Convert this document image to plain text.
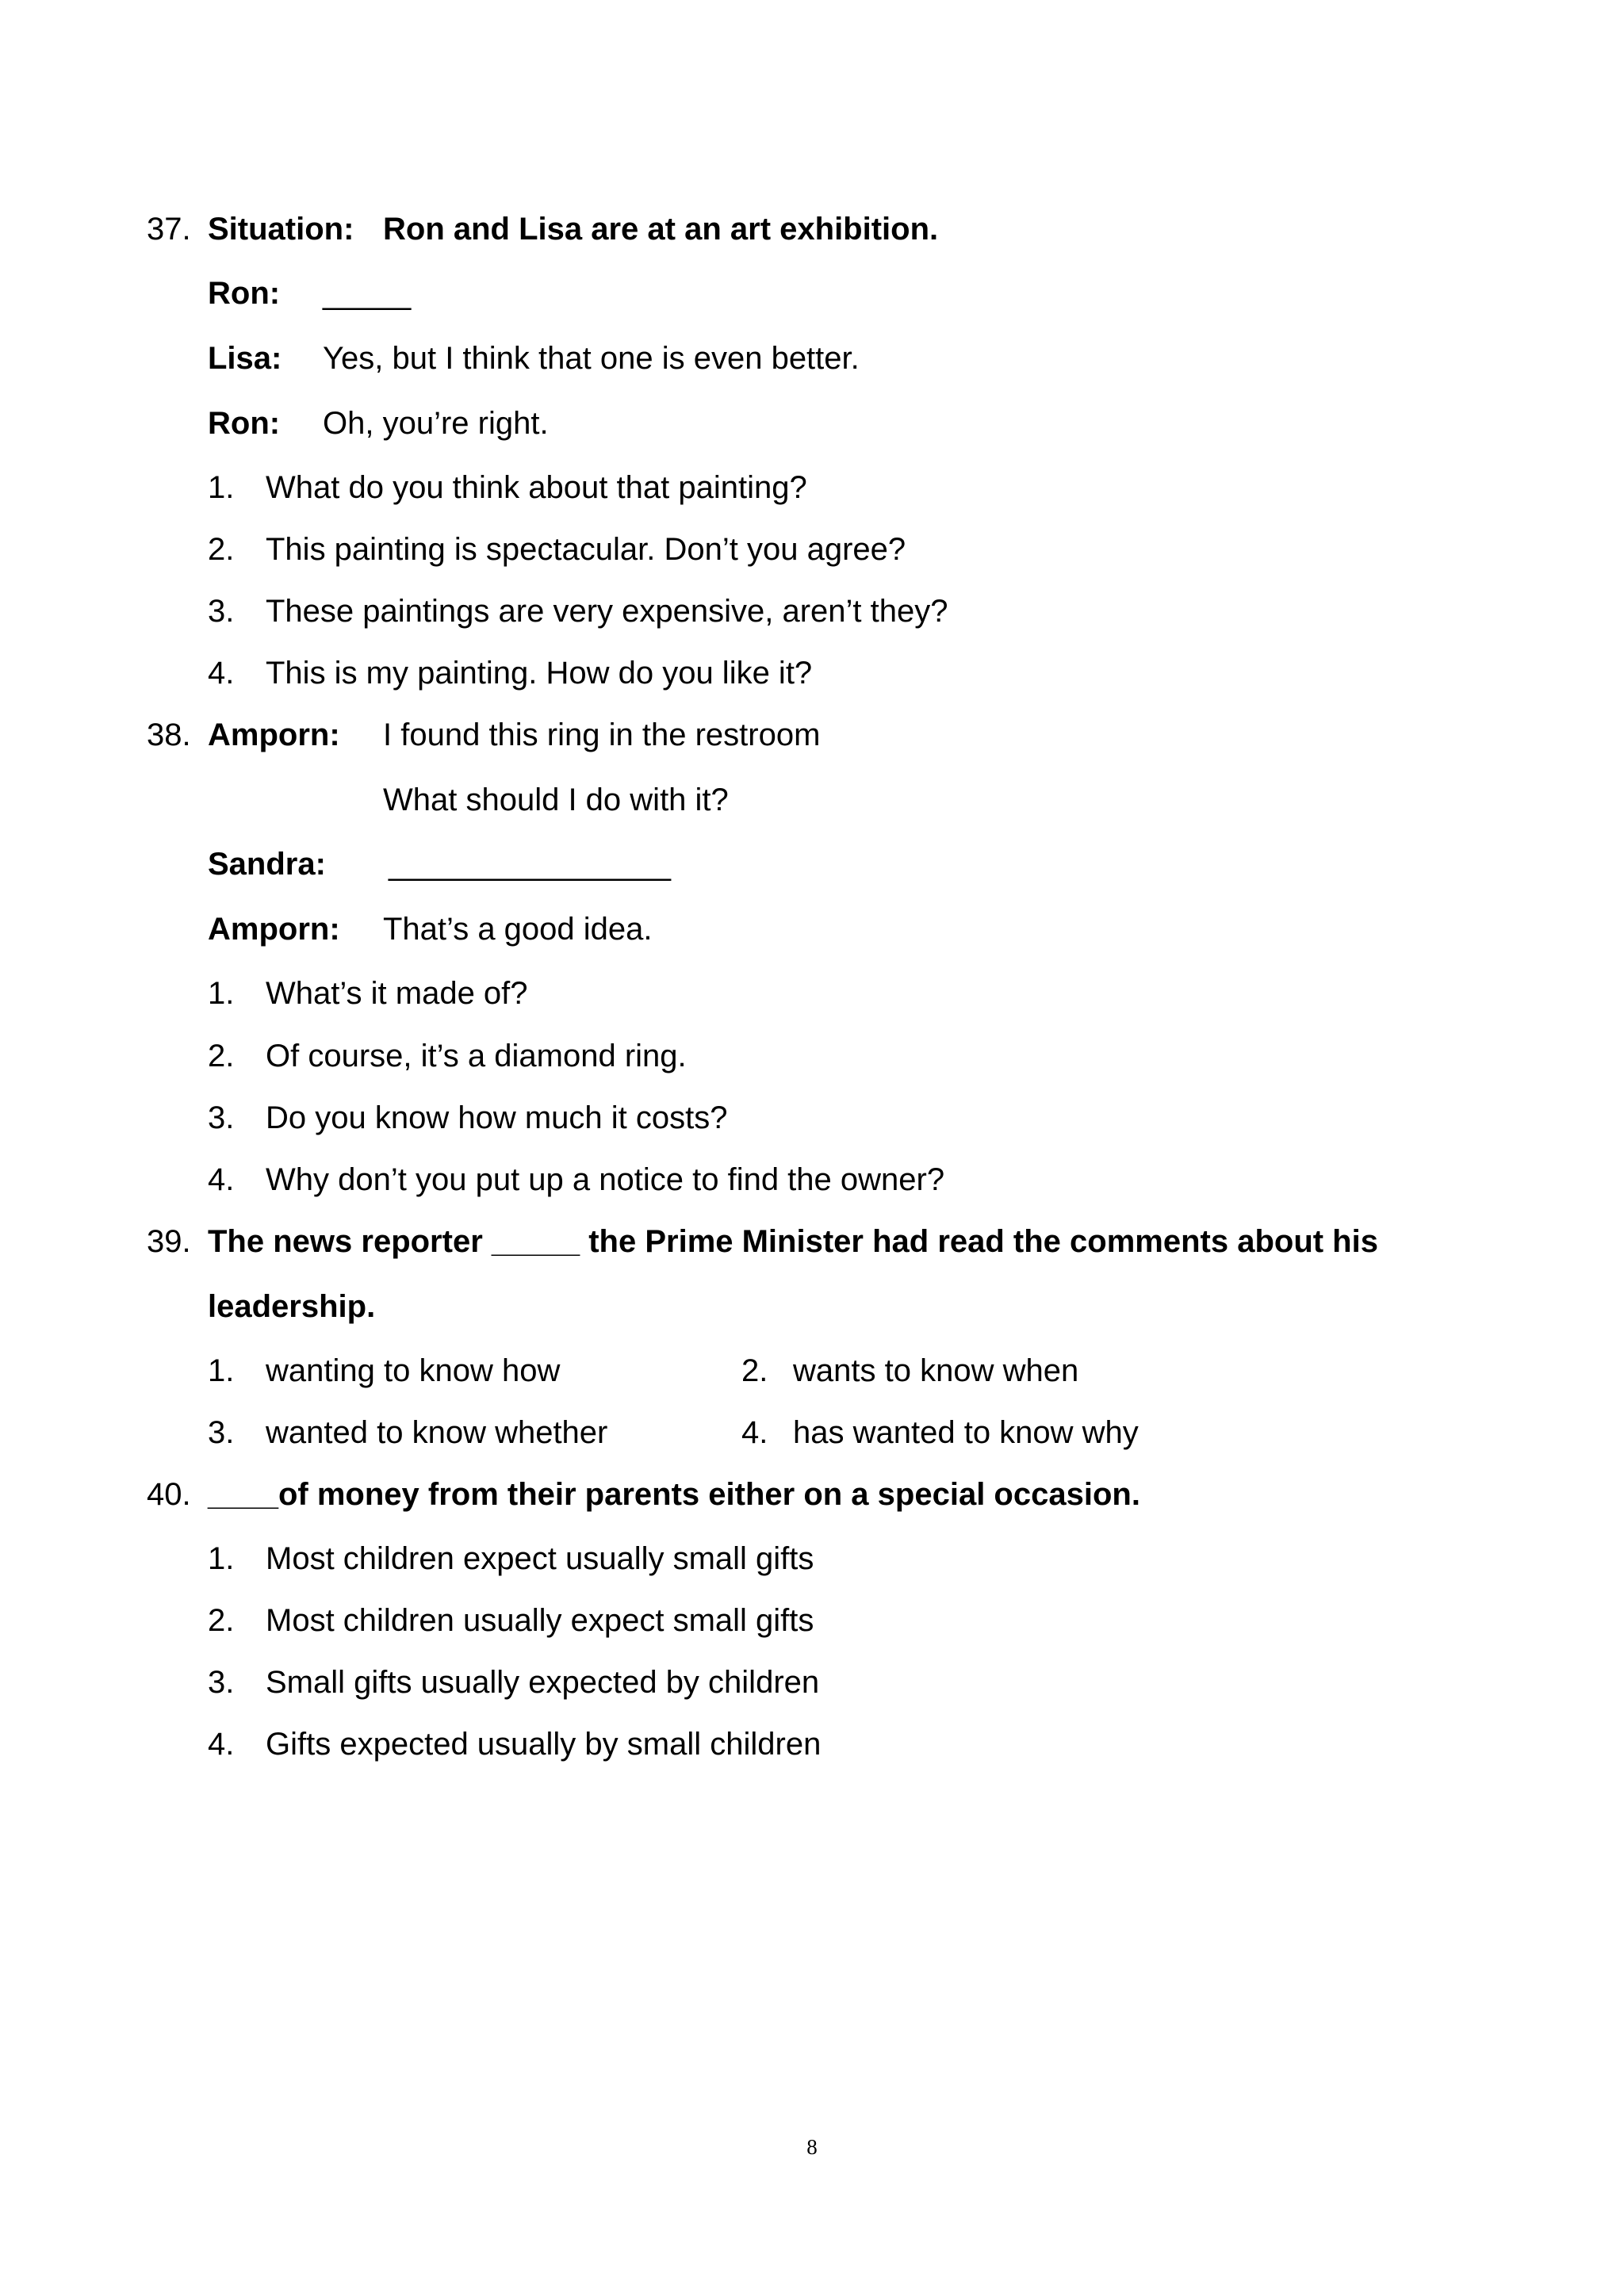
37. Situation: Ron and Lisa are at an art exhibition.
Ron: _____
Lisa: Yes, but I think that one is even better.
Ron: Oh, you’re right.
1. What do you think about that painting?
2. This painting is spectacular. Don’t you agree?
3. These paintings are very expensive, aren’t they?
4. This is my painting. How do you like it?
38. Amporn: I found this ring in the restroom
What should I do with it?
Sandra: ________________
Amporn: That’s a good idea.
1. What’s it made of?
2. Of course, it’s a diamond ring.
3. Do you know how much it costs?
4. Why don’t you put up a notice to find the owner?
39. The news reporter _____ the Prime Minister had read the comments about his
leadership.
1. wanting to know how	2. wants to know when
3. wanted to know whether	4. has wanted to know why
40. ____of money from their parents either on a special occasion.
1. Most children expect usually small gifts
2. Most children usually expect small gifts
3. Small gifts usually expected by children
4. Gifts expected usually by small children
8
